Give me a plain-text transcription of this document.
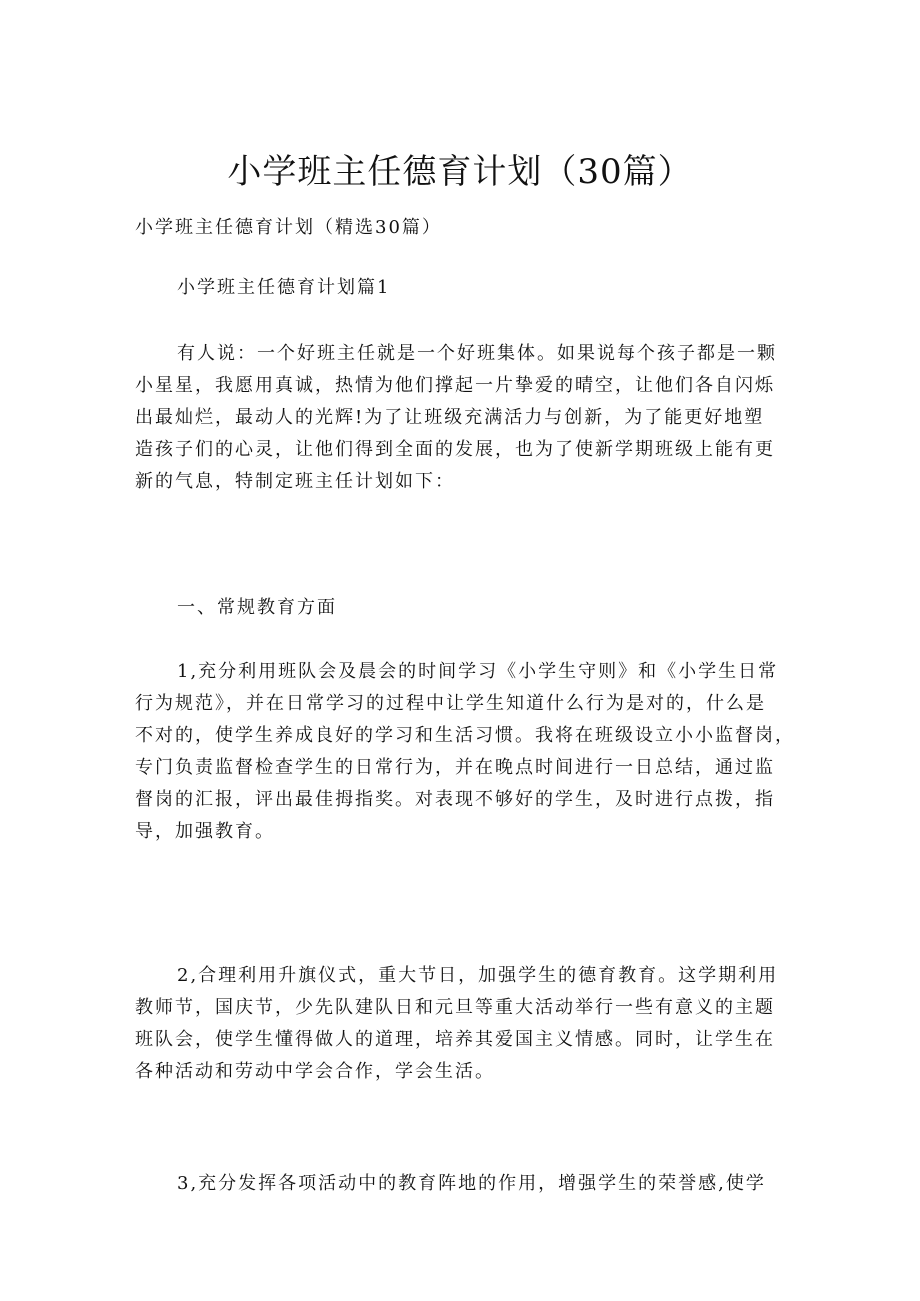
小学班主任德育计划（30篇）
小学班主任德育计划（精选30篇）
小学班主任德育计划篇1
有人说：一个好班主任就是一个好班集体。如果说每个孩子都是一颗
小星星，我愿用真诚，热情为他们撑起一片挚爱的晴空，让他们各自闪烁
出最灿烂，最动人的光辉!为了让班级充满活力与创新，为了能更好地塑
造孩子们的心灵，让他们得到全面的发展，也为了使新学期班级上能有更
新的气息，特制定班主任计划如下：
一、常规教育方面
1,充分利用班队会及晨会的时间学习《小学生守则》和《小学生日常
行为规范》，并在日常学习的过程中让学生知道什么行为是对的，什么是
不对的，使学生养成良好的学习和生活习惯。我将在班级设立小小监督岗，
专门负责监督检查学生的日常行为，并在晚点时间进行一日总结，通过监
督岗的汇报，评出最佳拇指奖。对表现不够好的学生，及时进行点拨，指
导，加强教育。
2,合理利用升旗仪式，重大节日，加强学生的德育教育。这学期利用
教师节，国庆节，少先队建队日和元旦等重大活动举行一些有意义的主题
班队会，使学生懂得做人的道理，培养其爱国主义情感。同时，让学生在
各种活动和劳动中学会合作，学会生活。
3,充分发挥各项活动中的教育阵地的作用，增强学生的荣誉感,使学
